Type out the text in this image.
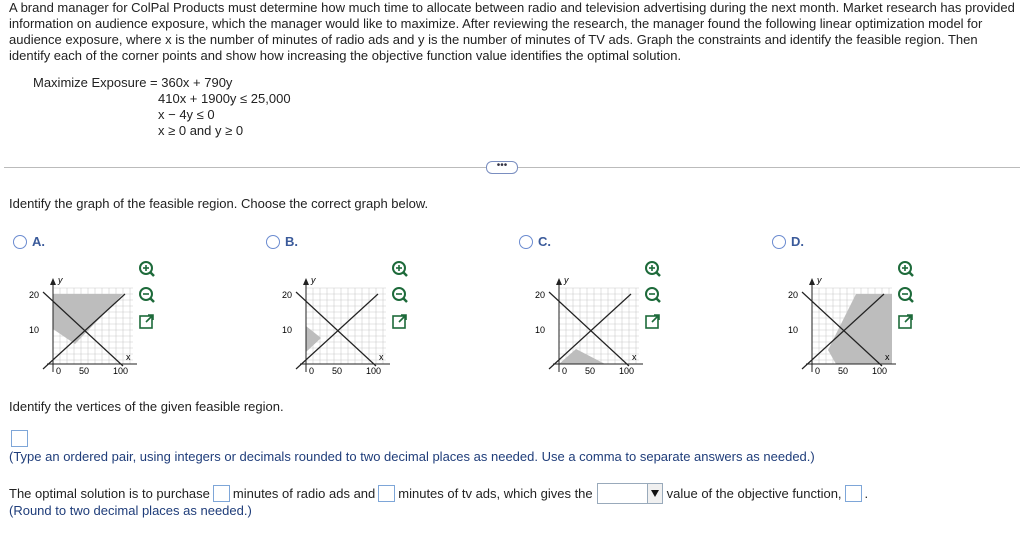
A brand manager for ColPal Products must determine how much time to allocate between radio and television advertising during the next month. Market research has provided information on audience exposure, which the manager would like to maximize. After reviewing the research, the manager found the following linear optimization model for audience exposure, where x is the number of minutes of radio ads and y is the number of minutes of TV ads. Graph the constraints and identify the feasible region. Then identify each of the corner points and show how increasing the objective function value identifies the optimal solution.
Maximize Exposure = 360x + 790y
410x + 1900y ≤ 25,000
x − 4y ≤ 0
x ≥ 0 and y ≥ 0
•••
Identify the graph of the feasible region. Choose the correct graph below.
A.
y
x
20
10
0 50	100
B.
y
x
20
10
0 50	100
C.
y
x
20
10
0 50	100
D.
y
x
20
10
0 50	100
Identify the vertices of the given feasible region.
(Type an ordered pair, using integers or decimals rounded to two decimal places as needed. Use a comma to separate answers as needed.)
The optimal solution is to purchase minutes of radio ads and minutes of tv ads, which gives the	value of the objective function, .
(Round to two decimal places as needed.)
